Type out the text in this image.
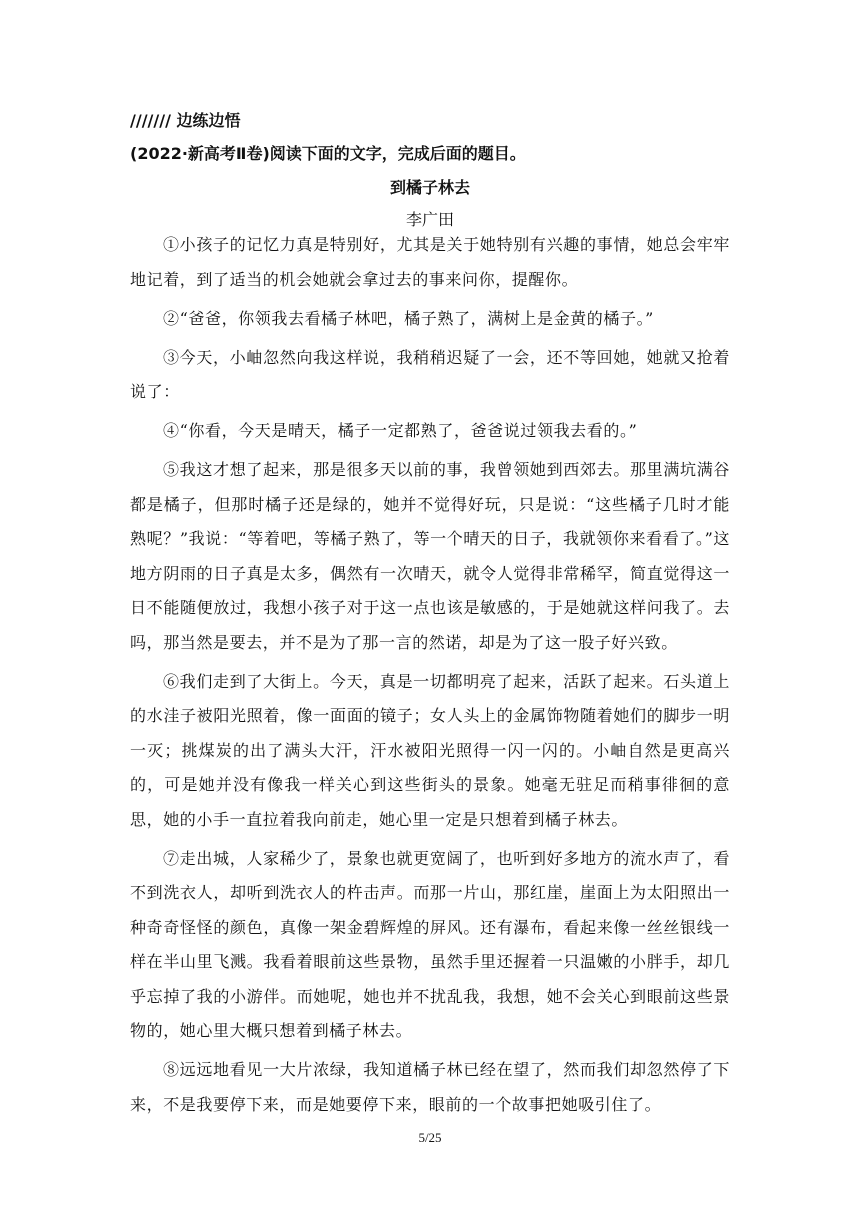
/////// 边练边悟
(2022·新高考Ⅱ卷)阅读下面的文字，完成后面的题目。
到橘子林去
李广田

①小孩子的记忆力真是特别好，尤其是关于她特别有兴趣的事情，她总会牢牢地记着，到了适当的机会她就会拿过去的事来问你，提醒你。

②“爸爸，你领我去看橘子林吧，橘子熟了，满树上是金黄的橘子。”

③今天，小岫忽然向我这样说，我稍稍迟疑了一会，还不等回她，她就又抢着说了：

④“你看，今天是晴天，橘子一定都熟了，爸爸说过领我去看的。”

⑤我这才想了起来，那是很多天以前的事，我曾领她到西郊去。那里满坑满谷都是橘子，但那时橘子还是绿的，她并不觉得好玩，只是说：“这些橘子几时才能熟呢？”我说：“等着吧，等橘子熟了，等一个晴天的日子，我就领你来看看了。”这地方阴雨的日子真是太多，偶然有一次晴天，就令人觉得非常稀罕，简直觉得这一日不能随便放过，我想小孩子对于这一点也该是敏感的，于是她就这样问我了。去吗，那当然是要去，并不是为了那一言的然诺，却是为了这一股子好兴致。

⑥我们走到了大街上。今天，真是一切都明亮了起来，活跃了起来。石头道上的水洼子被阳光照着，像一面面的镜子；女人头上的金属饰物随着她们的脚步一明一灭；挑煤炭的出了满头大汗，汗水被阳光照得一闪一闪的。小岫自然是更高兴的，可是她并没有像我一样关心到这些街头的景象。她毫无驻足而稍事徘徊的意思，她的小手一直拉着我向前走，她心里一定是只想着到橘子林去。

⑦走出城，人家稀少了，景象也就更宽阔了，也听到好多地方的流水声了，看不到洗衣人，却听到洗衣人的杵击声。而那一片山，那红崖，崖面上为太阳照出一种奇奇怪怪的颜色，真像一架金碧辉煌的屏风。还有瀑布，看起来像一丝丝银线一样在半山里飞溅。我看着眼前这些景物，虽然手里还握着一只温嫩的小胖手，却几乎忘掉了我的小游伴。而她呢，她也并不扰乱我，我想，她不会关心到眼前这些景物的，她心里大概只想着到橘子林去。

⑧远远地看见一大片浓绿，我知道橘子林已经在望了，然而我们却忽然停了下来，不是我要停下来，而是她要停下来，眼前的一个故事把她吸引住了。

5/25
